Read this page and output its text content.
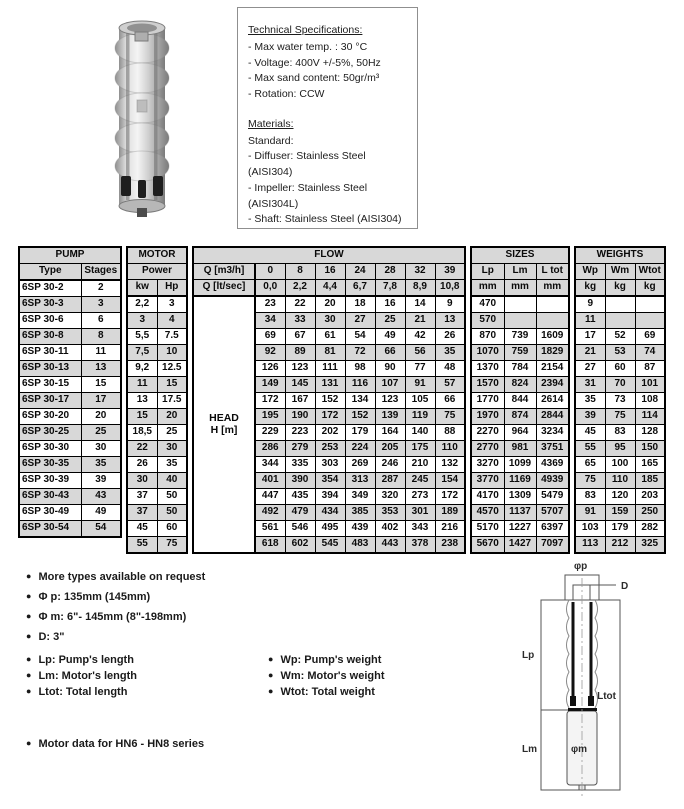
Technical Specifications:
- Max water temp. : 30 °C
- Voltage: 400V +/-5%, 50Hz
- Max sand content: 50gr/m³
- Rotation: CCW
Materials:
Standard:
- Diffuser: Stainless Steel (AISI304)
- Impeller: Stainless Steel (AISI304L)
- Shaft: Stainless Steel (AISI304)
PUMP	
Type	Stages

6SP 30-2	2
6SP 30-3	3
6SP 30-6	6
6SP 30-8	8
6SP 30-11	11
6SP 30-13	13
6SP 30-15	15
6SP 30-17	17
6SP 30-20	20
6SP 30-25	25
6SP 30-30	30
6SP 30-35	35
6SP 30-39	39
6SP 30-43	43
6SP 30-49	49
6SP 30-54	54
MOTOR	
Power	
kw	Hp
2,2	3
3	4
5,5	7.5
7,5	10
9,2	12.5
11	15
13	17.5
15	20
18,5	25
22	30
26	35
30	40
37	50
37	50
45	60
55	75
FLOW							
Q [m3/h]	0	8	16	24	28	32	39
Q [lt/sec]	0,0	2,2	4,4	6,7	7,8	8,9	10,8
HEAD
H [m]	23	22	20	18	16	14	9
	34	33	30	27	25	21	13
	69	67	61	54	49	42	26
	92	89	81	72	66	56	35
	126	123	111	98	90	77	48
	149	145	131	116	107	91	57
	172	167	152	134	123	105	66
	195	190	172	152	139	119	75
	229	223	202	179	164	140	88
	286	279	253	224	205	175	110
	344	335	303	269	246	210	132
	401	390	354	313	287	245	154
	447	435	394	349	320	273	172
	492	479	434	385	353	301	189
	561	546	495	439	402	343	216
	618	602	545	483	443	378	238
SIZES		
Lp	Lm	L tot
mm	mm	mm
470		
570		
870	739	1609
1070	759	1829
1370	784	2154
1570	824	2394
1770	844	2614
1970	874	2844
2270	964	3234
2770	981	3751
3270	1099	4369
3770	1169	4939
4170	1309	5479
4570	1137	5707
5170	1227	6397
5670	1427	7097
WEIGHTS		
Wp	Wm	Wtot
kg	kg	kg
9		
11		
17	52	69
21	53	74
27	60	87
31	70	101
35	73	108
39	75	114
45	83	128
55	95	150
65	100	165
75	110	185
83	120	203
91	159	250
103	179	282
113	212	325
● More types available on request
● Φ p: 135mm (145mm)
● Φ m: 6"- 145mm (8"-198mm)
● D: 3"
● Lp: Pump's length
● Lm: Motor's length
● Ltot: Total length
● Wp: Pump's weight
● Wm: Motor's weight
● Wtot: Total weight
● Motor data for HN6 - HN8 series
φp
D
Lp
Ltot
Lm	φm
